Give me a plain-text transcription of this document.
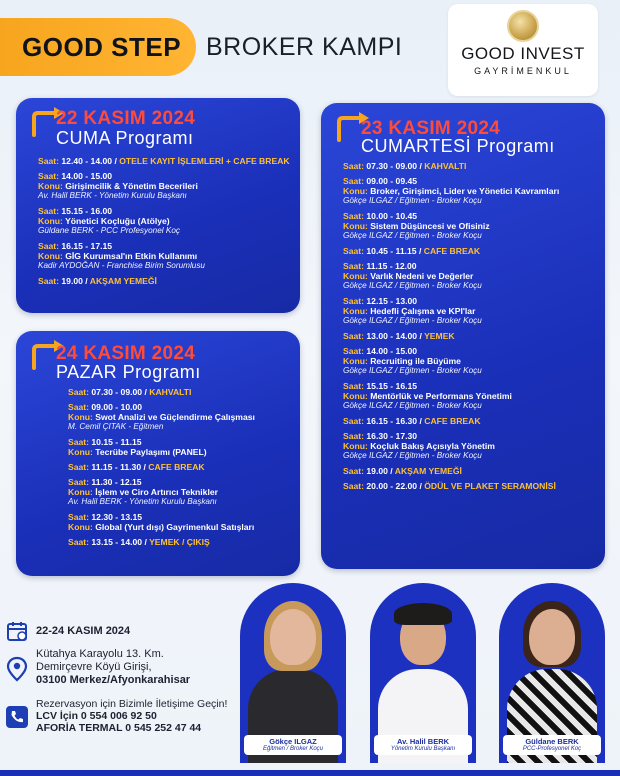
GOOD STEP BROKER KAMPI	GOOD INVEST
GAYRİMENKUL
22 KASIM 2024
CUMA Programı
Saat: 12.40 - 14.00 / OTELE KAYIT İŞLEMLERİ + CAFE BREAK
Saat: 14.00 - 15.00
Konu: Girişimcilik & Yönetim Becerileri
Av. Halil BERK - Yönetim Kurulu Başkanı
Saat: 15.15 - 16.00
Konu: Yönetici Koçluğu (Atölye)
Güldane BERK - PCC Profesyonel Koç
Saat: 16.15 - 17.15
Konu: GİG Kurumsal'ın Etkin Kullanımı
Kadir AYDOĞAN - Franchise Birim Sorumlusu
Saat: 19.00 / AKŞAM YEMEĞİ
24 KASIM 2024
PAZAR Programı
Saat: 07.30 - 09.00 / KAHVALTI
Saat: 09.00 - 10.00
Konu: Swot Analizi ve Güçlendirme Çalışması
M. Cemil ÇITAK - Eğitmen
Saat: 10.15 - 11.15
Konu: Tecrübe Paylaşımı (PANEL)
Saat: 11.15 - 11.30 / CAFE BREAK
Saat: 11.30 - 12.15
Konu: İşlem ve Ciro Artırıcı Teknikler
Av. Halil BERK - Yönetim Kurulu Başkanı
Saat: 12.30 - 13.15
Konu: Global (Yurt dışı) Gayrimenkul Satışları
Saat: 13.15 - 14.00 / YEMEK / ÇIKIŞ
23 KASIM 2024
CUMARTESİ Programı
Saat: 07.30 - 09.00 / KAHVALTI
Saat: 09.00 - 09.45
Konu: Broker, Girişimci, Lider ve Yönetici Kavramları
Gökçe ILGAZ / Eğitmen - Broker Koçu
Saat: 10.00 - 10.45
Konu: Sistem Düşüncesi ve Ofisiniz
Gökçe ILGAZ / Eğitmen - Broker Koçu
Saat: 10.45 - 11.15 / CAFE BREAK
Saat: 11.15 - 12.00
Konu: Varlık Nedeni ve Değerler
Gökçe ILGAZ / Eğitmen - Broker Koçu
Saat: 12.15 - 13.00
Konu: Hedefli Çalışma ve KPI'lar
Gökçe ILGAZ / Eğitmen - Broker Koçu
Saat: 13.00 - 14.00 / YEMEK
Saat: 14.00 - 15.00
Konu: Recruiting ile Büyüme
Gökçe ILGAZ / Eğitmen - Broker Koçu
Saat: 15.15 - 16.15
Konu: Mentörlük ve Performans Yönetimi
Gökçe ILGAZ / Eğitmen - Broker Koçu
Saat: 16.15 - 16.30 / CAFE BREAK
Saat: 16.30 - 17.30
Konu: Koçluk Bakış Açısıyla Yönetim
Gökçe ILGAZ / Eğitmen - Broker Koçu
Saat: 19.00 / AKŞAM YEMEĞİ
Saat: 20.00 - 22.00 / ÖDÜL VE PLAKET SERAMONİSİ
22-24 KASIM 2024
Kütahya Karayolu 13. Km.
Demirçevre Köyü Girişi,
03100 Merkez/Afyonkarahisar
Rezervasyon için Bizimle İletişime Geçin!
LCV İçin 0 554 006 92 50
AFORİA TERMAL 0 545 252 47 44
Gökçe ILGAZ
Eğitmen / Broker Koçu
Av. Halil BERK
Yönetim Kurulu Başkanı
Güldane BERK
PCC-Profesyonel Koç
